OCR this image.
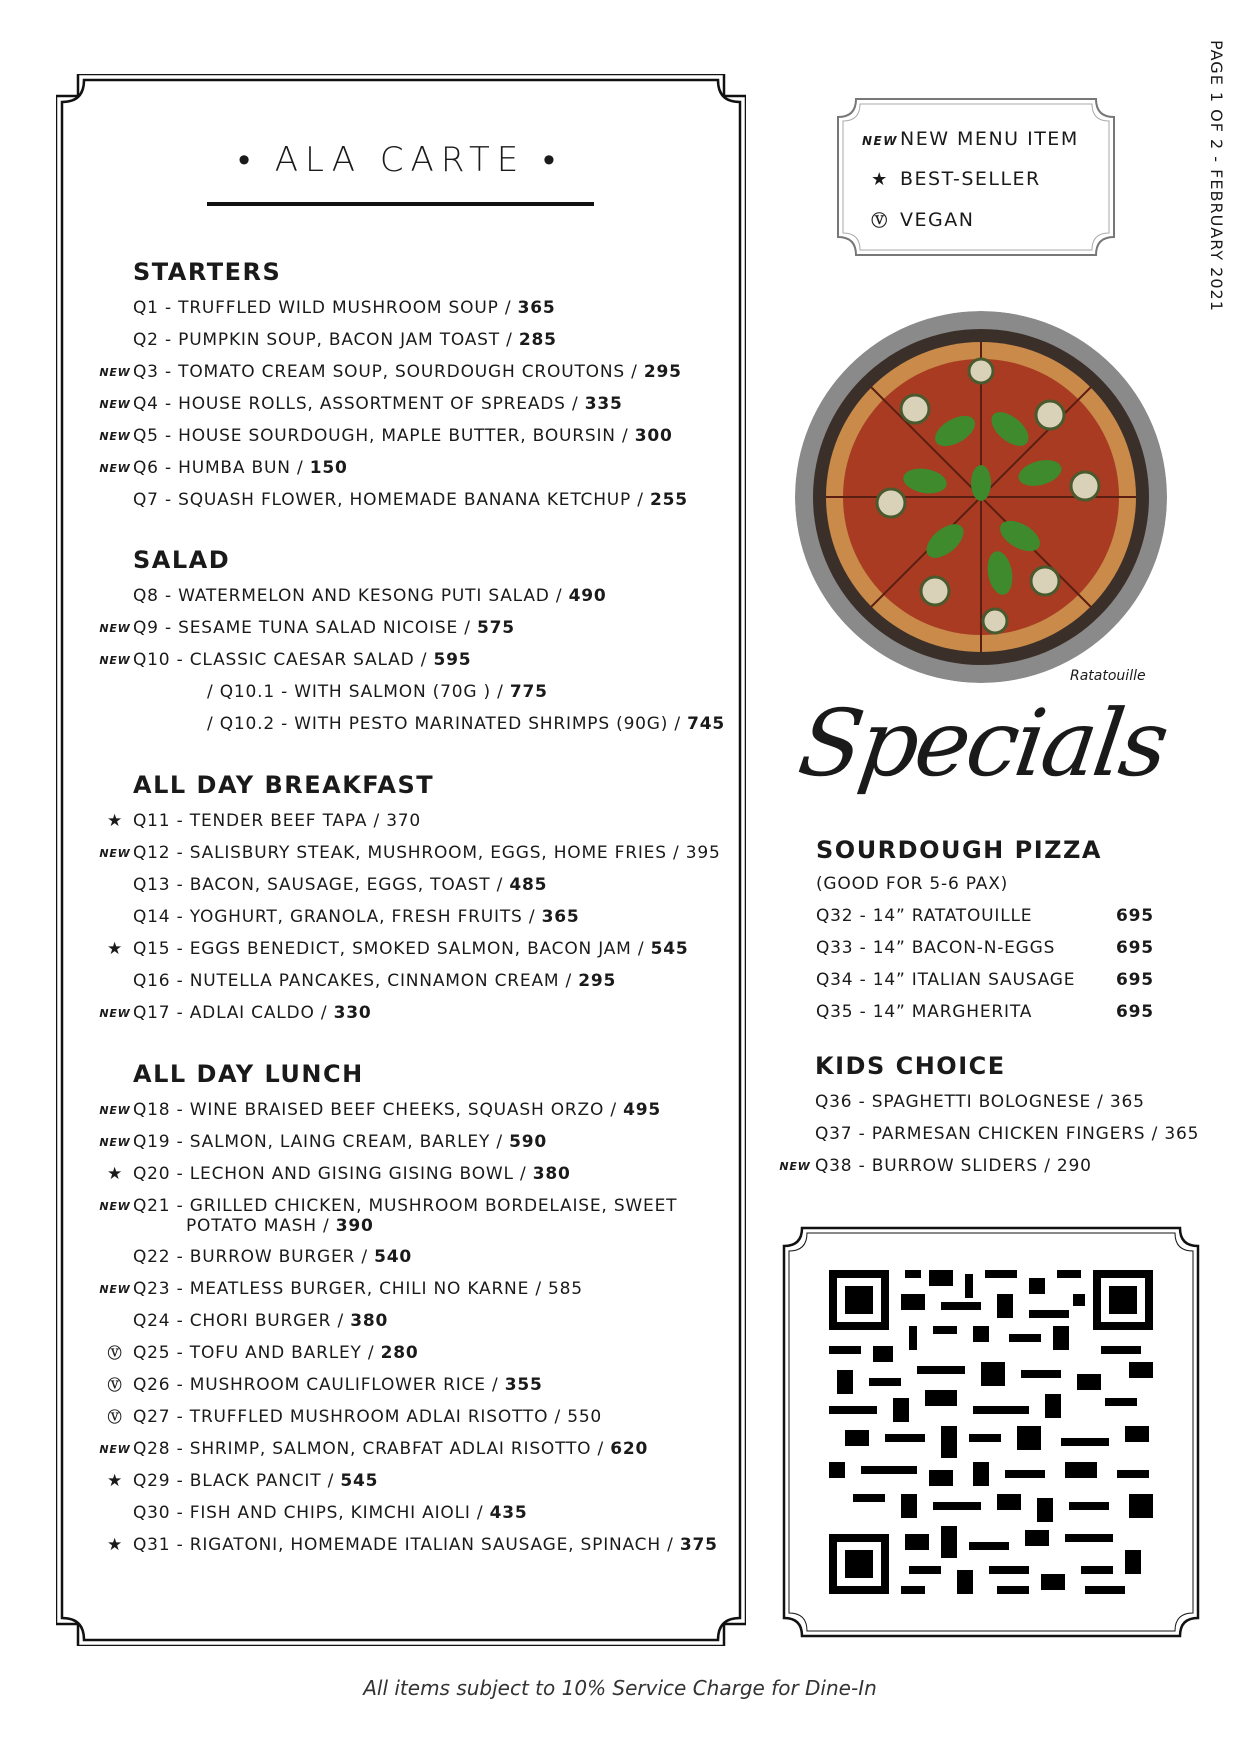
• ALA CARTE •
STARTERS
Q1 - TRUFFLED WILD MUSHROOM SOUP / 365
Q2 - PUMPKIN SOUP, BACON JAM TOAST / 285
NEW Q3 - TOMATO CREAM SOUP, SOURDOUGH CROUTONS / 295
NEW Q4 - HOUSE ROLLS, ASSORTMENT OF SPREADS / 335
NEW Q5 - HOUSE SOURDOUGH, MAPLE BUTTER, BOURSIN / 300
NEW Q6 - HUMBA BUN / 150
Q7 - SQUASH FLOWER, HOMEMADE BANANA KETCHUP / 255
SALAD
Q8 - WATERMELON AND KESONG PUTI SALAD / 490
NEW Q9 - SESAME TUNA SALAD NICOISE / 575
NEW Q10 - CLASSIC CAESAR SALAD / 595
/ Q10.1 - WITH SALMON (70G ) / 775
/ Q10.2 - WITH PESTO MARINATED SHRIMPS (90G) / 745
ALL DAY BREAKFAST
★ Q11 - TENDER BEEF TAPA / 370
NEW Q12 - SALISBURY STEAK, MUSHROOM, EGGS, HOME FRIES / 395
Q13 - BACON, SAUSAGE, EGGS, TOAST / 485
Q14 - YOGHURT, GRANOLA, FRESH FRUITS / 365
★ Q15 - EGGS BENEDICT, SMOKED SALMON, BACON JAM / 545
Q16 - NUTELLA PANCAKES, CINNAMON CREAM / 295
NEW Q17 - ADLAI CALDO / 330
ALL DAY LUNCH
NEW Q18 - WINE BRAISED BEEF CHEEKS, SQUASH ORZO / 495
NEW Q19 - SALMON, LAING CREAM, BARLEY / 590
★ Q20 - LECHON AND GISING GISING BOWL / 380
NEW Q21 - GRILLED CHICKEN, MUSHROOM BORDELAISE, SWEET
POTATO MASH / 390
Q22 - BURROW BURGER / 540
NEW Q23 - MEATLESS BURGER, CHILI NO KARNE / 585
Q24 - CHORI BURGER / 380
Ⓥ Q25 - TOFU AND BARLEY / 280
Ⓥ Q26 - MUSHROOM CAULIFLOWER RICE / 355
Ⓥ Q27 - TRUFFLED MUSHROOM ADLAI RISOTTO / 550
NEW Q28 - SHRIMP, SALMON, CRABFAT ADLAI RISOTTO / 620
★ Q29 - BLACK PANCIT / 545
Q30 - FISH AND CHIPS, KIMCHI AIOLI / 435
★ Q31 - RIGATONI, HOMEMADE ITALIAN SAUSAGE, SPINACH / 375
NEW NEW MENU ITEM
★ BEST-SELLER
Ⓥ VEGAN	PAGE 1 OF 2 - FEBRUARY 2021
Ratatouille
Specials
SOURDOUGH PIZZA
(GOOD FOR 5-6 PAX)
Q32 - 14” RATATOUILLE	695
Q33 - 14” BACON-N-EGGS	695
Q34 - 14” ITALIAN SAUSAGE 695
Q35 - 14” MARGHERITA	695
KIDS CHOICE
Q36 - SPAGHETTI BOLOGNESE / 365
Q37 - PARMESAN CHICKEN FINGERS / 365
NEW Q38 - BURROW SLIDERS / 290
All items subject to 10% Service Charge for Dine-In
